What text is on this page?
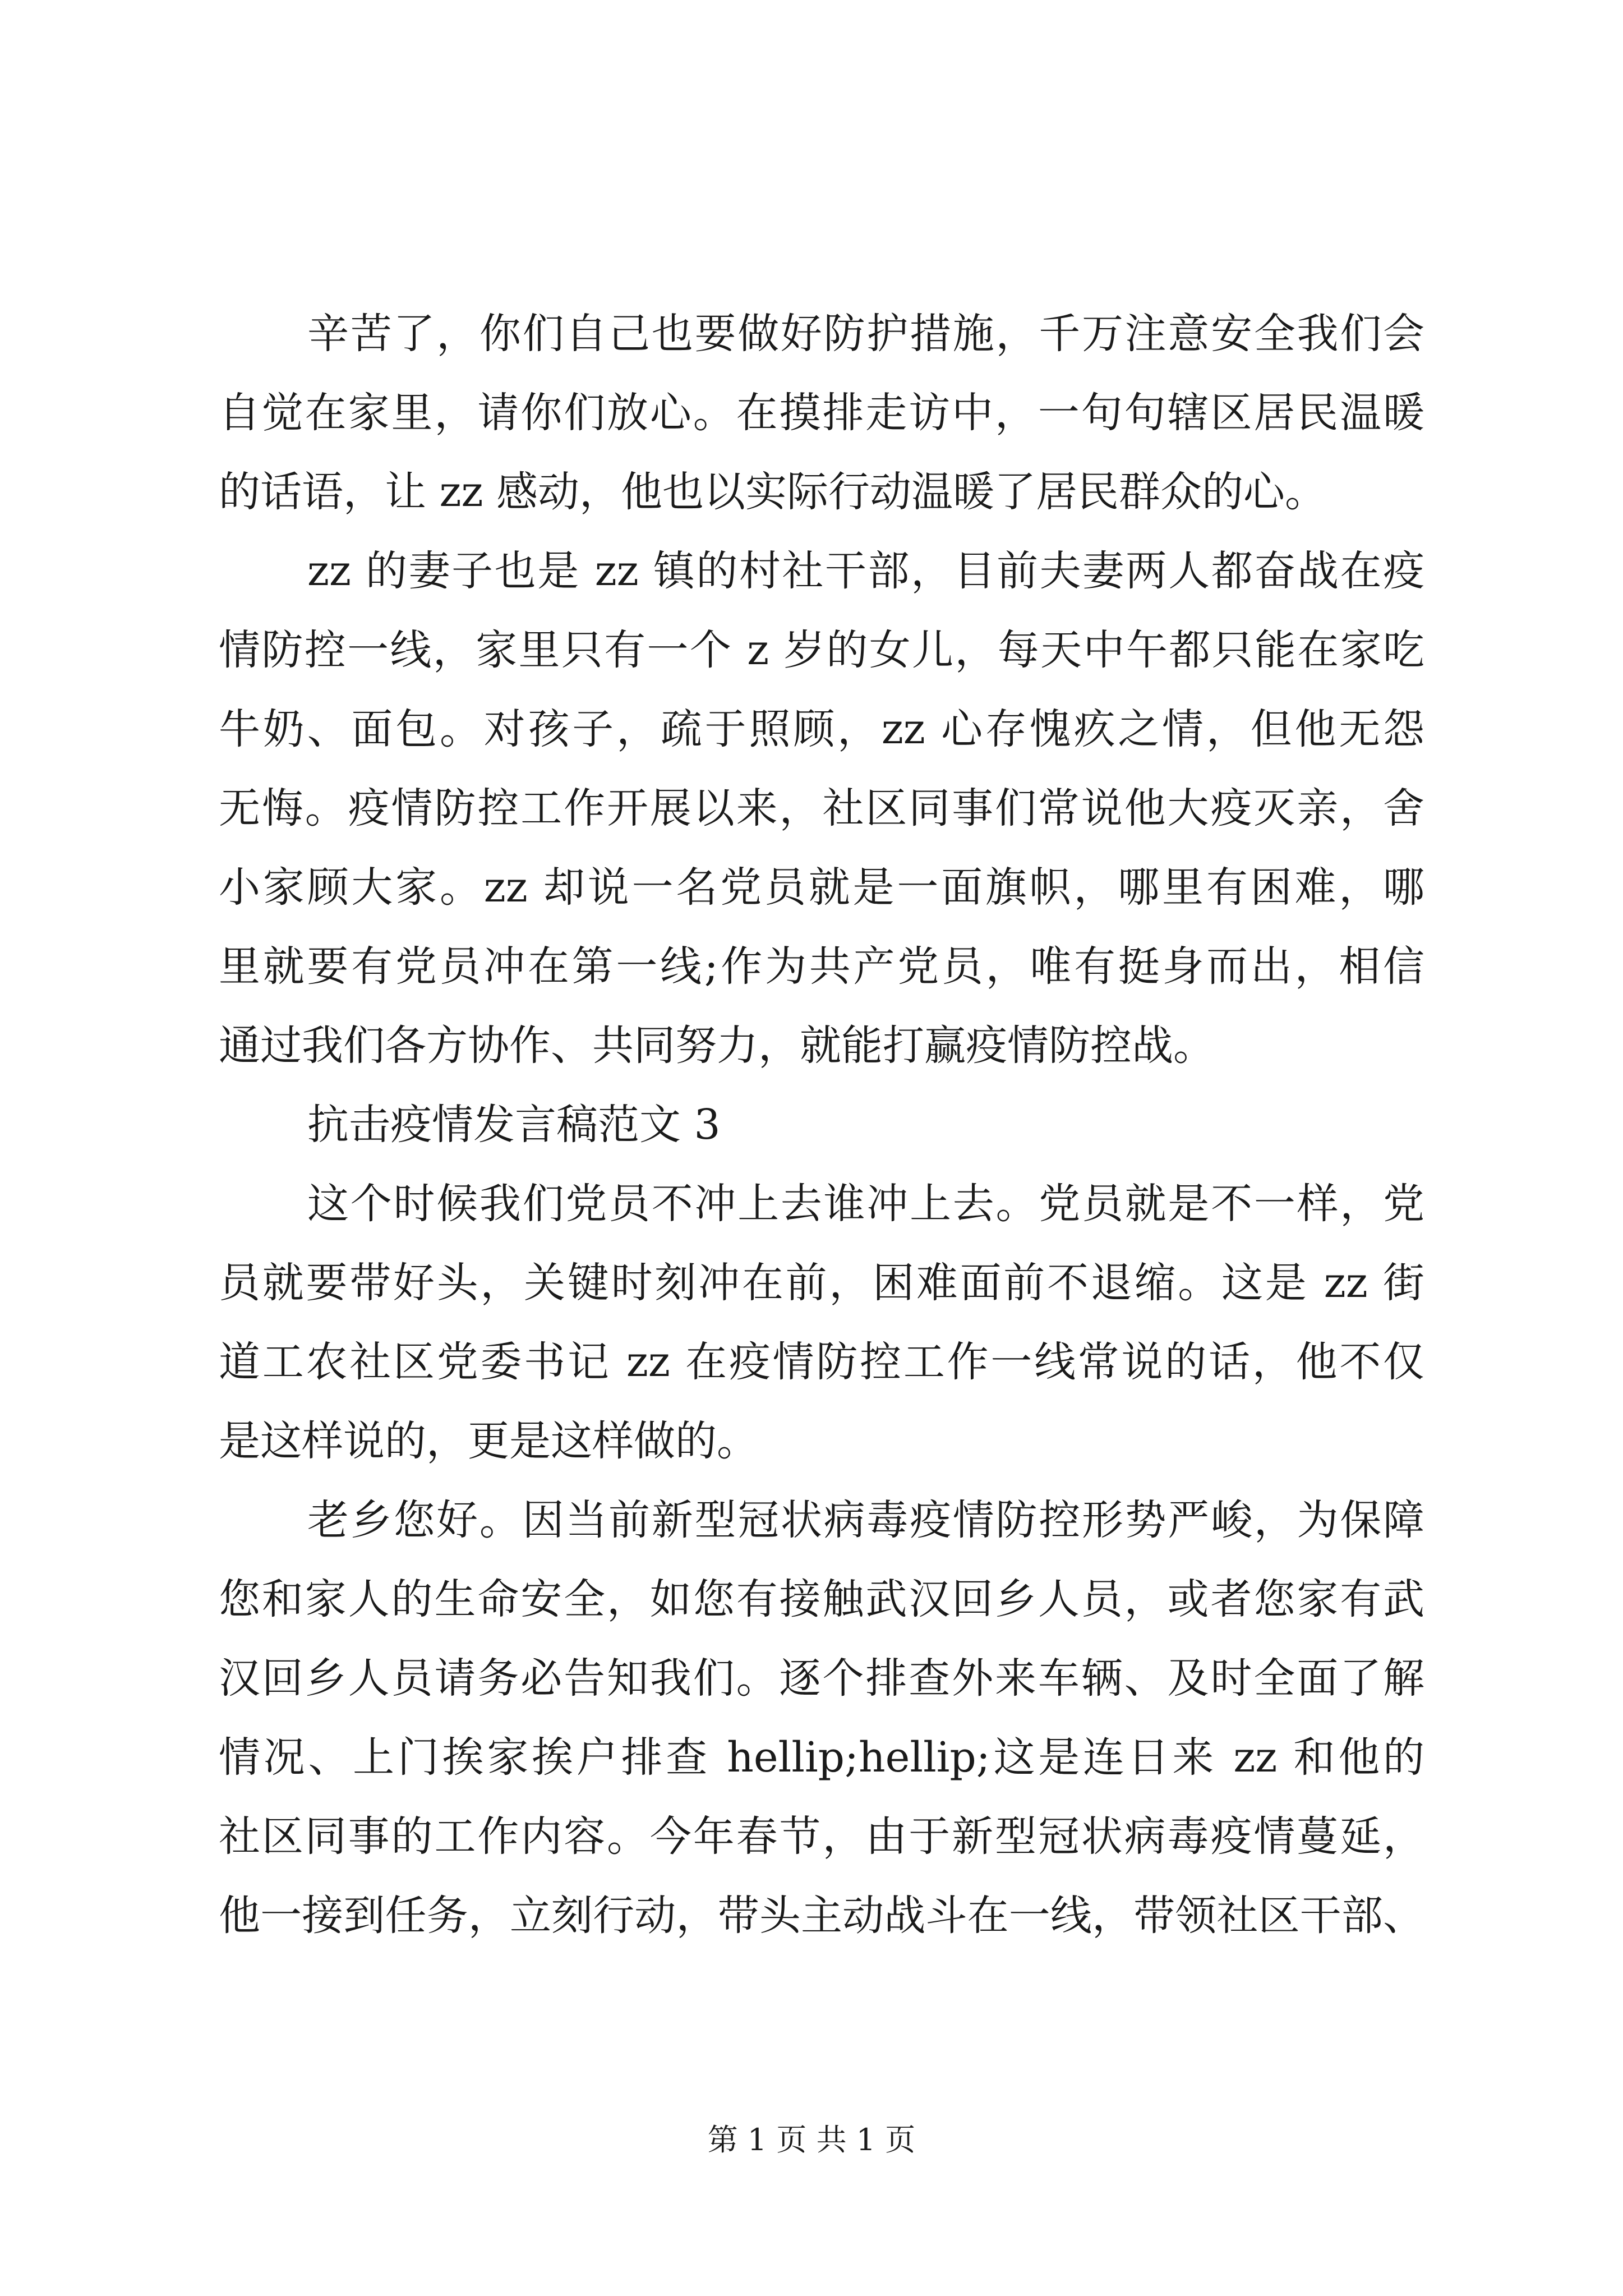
辛苦了，你们自己也要做好防护措施，千万注意安全我们会
自觉在家里，请你们放心。在摸排走访中，一句句辖区居民温暖
的话语，让 zz 感动，他也以实际行动温暖了居民群众的心。
zz 的妻子也是 zz 镇的村社干部，目前夫妻两人都奋战在疫
情防控一线，家里只有一个 z 岁的女儿，每天中午都只能在家吃
牛奶、面包。对孩子，疏于照顾，zz 心存愧疚之情，但他无怨
无悔。疫情防控工作开展以来，社区同事们常说他大疫灭亲，舍
小家顾大家。zz 却说一名党员就是一面旗帜，哪里有困难，哪
里就要有党员冲在第一线;作为共产党员，唯有挺身而出，相信
通过我们各方协作、共同努力，就能打赢疫情防控战。
抗击疫情发言稿范文 3
这个时候我们党员不冲上去谁冲上去。党员就是不一样，党
员就要带好头，关键时刻冲在前，困难面前不退缩。这是 zz 街
道工农社区党委书记 zz 在疫情防控工作一线常说的话，他不仅
是这样说的，更是这样做的。
老乡您好。因当前新型冠状病毒疫情防控形势严峻，为保障
您和家人的生命安全，如您有接触武汉回乡人员，或者您家有武
汉回乡人员请务必告知我们。逐个排查外来车辆、及时全面了解
情况、上门挨家挨户排查 hellip;hellip;这是连日来 zz 和他的
社区同事的工作内容。今年春节，由于新型冠状病毒疫情蔓延，
他一接到任务，立刻行动，带头主动战斗在一线，带领社区干部、
第 1 页 共 1 页
